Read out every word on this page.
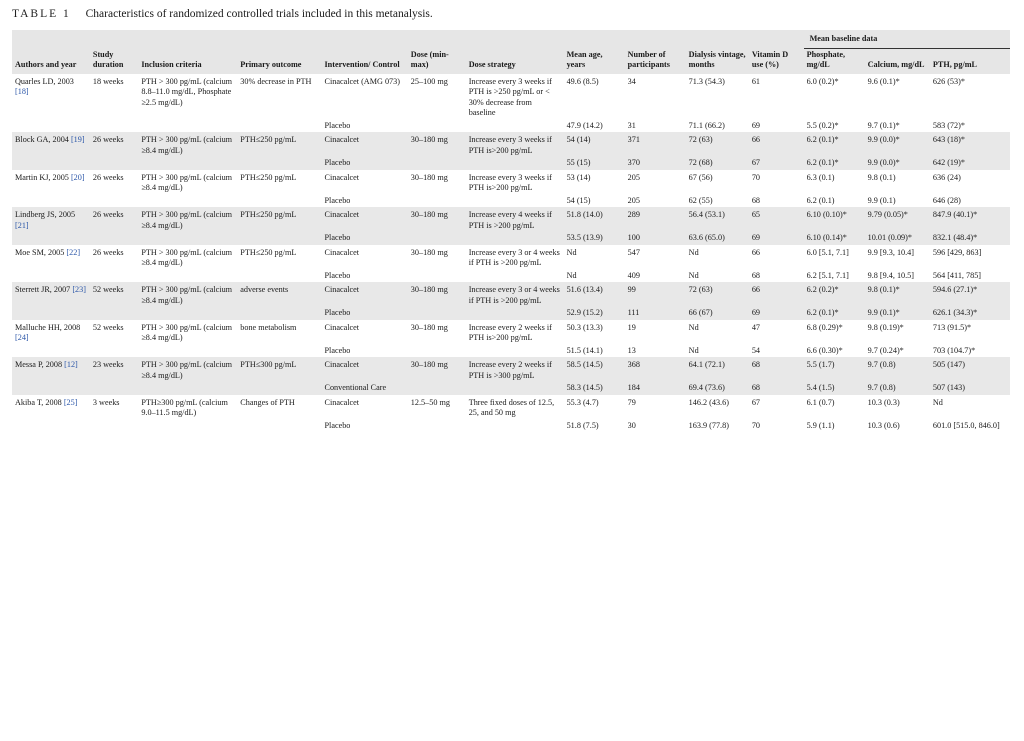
TABLE 1 Characteristics of randomized controlled trials included in this metanalysis.
Authors and year	Study duration	Inclusion criteria	Primary outcome	Intervention/ Control	Dose (min-max)	Dose strategy	Mean age, years	Number of participants	Dialysis vintage, months	Vitamin D use (%)	Mean baseline data		
											Phosphate, mg/dL	Calcium, mg/dL	PTH, pg/mL
Quarles LD, 2003 [18]	18 weeks	PTH > 300 pg/mL (calcium 8.8–11.0 mg/dL, Phosphate ≥2.5 mg/dL)	30% decrease in PTH	Cinacalcet (AMG 073)	25–100 mg	Increase every 3 weeks if PTH is >250 pg/mL or < 30% decrease from baseline	49.6 (8.5)	34	71.3 (54.3)	61	6.0 (0.2)*	9.6 (0.1)*	626 (53)*
				Placebo			47.9 (14.2)	31	71.1 (66.2)	69	5.5 (0.2)*	9.7 (0.1)*	583 (72)*
Block GA, 2004 [19]	26 weeks	PTH > 300 pg/mL (calcium ≥8.4 mg/dL)	PTH≤250 pg/mL	Cinacalcet	30–180 mg	Increase every 3 weeks if PTH is>200 pg/mL	54 (14)	371	72 (63)	66	6.2 (0.1)*	9.9 (0.0)*	643 (18)*
				Placebo			55 (15)	370	72 (68)	67	6.2 (0.1)*	9.9 (0.0)*	642 (19)*
Martin KJ, 2005 [20]	26 weeks	PTH > 300 pg/mL (calcium ≥8.4 mg/dL)	PTH≤250 pg/mL	Cinacalcet	30–180 mg	Increase every 3 weeks if PTH is>200 pg/mL	53 (14)	205	67 (56)	70	6.3 (0.1)	9.8 (0.1)	636 (24)
				Placebo			54 (15)	205	62 (55)	68	6.2 (0.1)	9.9 (0.1)	646 (28)
Lindberg JS, 2005 [21]	26 weeks	PTH > 300 pg/mL (calcium ≥8.4 mg/dL)	PTH≤250 pg/mL	Cinacalcet	30–180 mg	Increase every 4 weeks if PTH is >200 pg/mL	51.8 (14.0)	289	56.4 (53.1)	65	6.10 (0.10)*	9.79 (0.05)*	847.9 (40.1)*
				Placebo			53.5 (13.9)	100	63.6 (65.0)	69	6.10 (0.14)*	10.01 (0.09)*	832.1 (48.4)*
Moe SM, 2005 [22]	26 weeks	PTH > 300 pg/mL (calcium ≥8.4 mg/dL)	PTH≤250 pg/mL	Cinacalcet	30–180 mg	Increase every 3 or 4 weeks if PTH is >200 pg/mL	Nd	547	Nd	66	6.0 [5.1, 7.1]	9.9 [9.3, 10.4]	596 [429, 863]
				Placebo			Nd	409	Nd	68	6.2 [5.1, 7.1]	9.8 [9.4, 10.5]	564 [411, 785]
Sterrett JR, 2007 [23]	52 weeks	PTH > 300 pg/mL (calcium ≥8.4 mg/dL)	adverse events	Cinacalcet	30–180 mg	Increase every 3 or 4 weeks if PTH is >200 pg/mL	51.6 (13.4)	99	72 (63)	66	6.2 (0.2)*	9.8 (0.1)*	594.6 (27.1)*
				Placebo			52.9 (15.2)	111	66 (67)	69	6.2 (0.1)*	9.9 (0.1)*	626.1 (34.3)*
Malluche HH, 2008 [24]	52 weeks	PTH > 300 pg/mL (calcium ≥8.4 mg/dL)	bone metabolism	Cinacalcet	30–180 mg	Increase every 2 weeks if PTH is>200 pg/mL	50.3 (13.3)	19	Nd	47	6.8 (0.29)*	9.8 (0.19)*	713 (91.5)*
				Placebo			51.5 (14.1)	13	Nd	54	6.6 (0.30)*	9.7 (0.24)*	703 (104.7)*
Messa P, 2008 [12]	23 weeks	PTH > 300 pg/mL (calcium ≥8.4 mg/dL)	PTH≤300 pg/mL	Cinacalcet	30–180 mg	Increase every 2 weeks if PTH is >300 pg/mL	58.5 (14.5)	368	64.1 (72.1)	68	5.5 (1.7)	9.7 (0.8)	505 (147)
				Conventional Care			58.3 (14.5)	184	69.4 (73.6)	68	5.4 (1.5)	9.7 (0.8)	507 (143)
Akiba T, 2008 [25]	3 weeks	PTH≥300 pg/mL (calcium 9.0–11.5 mg/dL)	Changes of PTH	Cinacalcet	12.5–50 mg	Three fixed doses of 12.5, 25, and 50 mg	55.3 (4.7)	79	146.2 (43.6)	67	6.1 (0.7)	10.3 (0.3)	Nd
				Placebo			51.8 (7.5)	30	163.9 (77.8)	70	5.9 (1.1)	10.3 (0.6)	601.0 [515.0, 846.0]
